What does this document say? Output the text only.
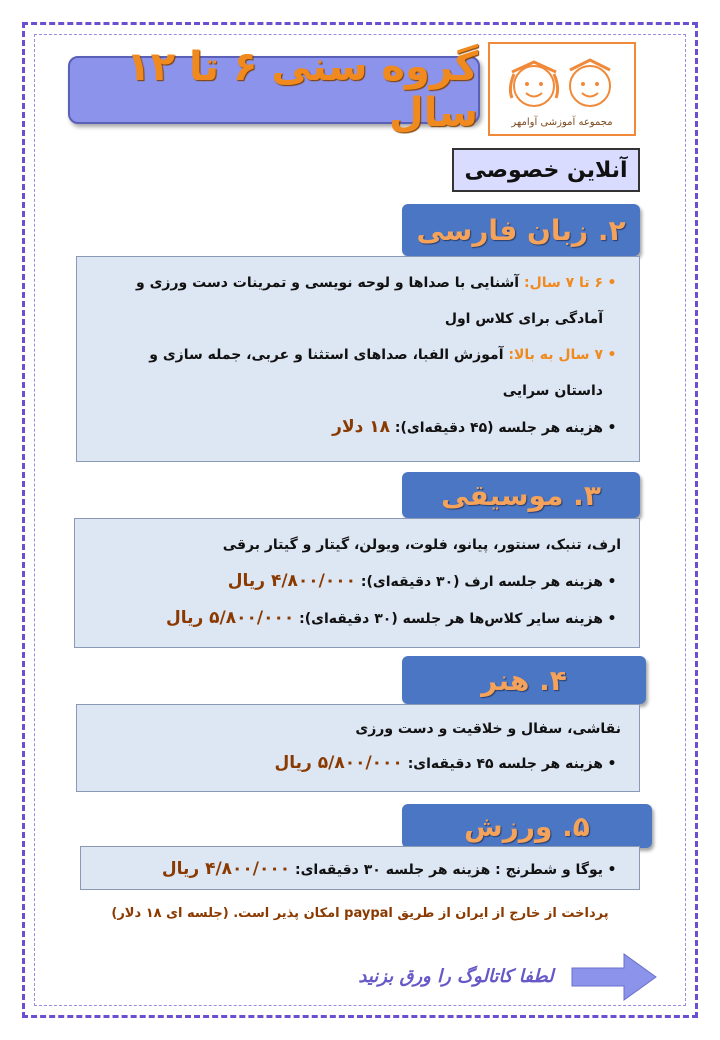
مجموعه آموزشی آوامهر
گروه سنی ۶ تا ۱۲ سال
آنلاین خصوصی
۲. زبان فارسی
•۶ تا ۷ سال: آشنایی با صداها و لوحه نویسی و تمرینات دست ورزی و
آمادگی برای کلاس اول
•۷ سال به بالا: آموزش الفبا، صداهای استثنا و عربی، جمله سازی و
داستان سرایی
•هزینه هر جلسه (۴۵ دقیقه‌ای): ۱۸ دلار
۳. موسیقی
ارف، تنبک، سنتور، پیانو، فلوت، ویولن، گیتار و گیتار برقی
•هزینه هر جلسه ارف (۳۰ دقیقه‌ای): ۴/۸۰۰/۰۰۰ ریال
•هزینه سایر کلاس‌ها هر جلسه (۳۰ دقیقه‌ای): ۵/۸۰۰/۰۰۰ ریال
۴. هنر
نقاشی، سفال و خلاقیت و دست ورزی
•هزینه هر جلسه ۴۵ دقیقه‌ای: ۵/۸۰۰/۰۰۰ ریال
۵. ورزش
•یوگا و شطرنج : هزینه هر جلسه ۳۰ دقیقه‌ای: ۴/۸۰۰/۰۰۰ ریال
پرداخت از خارج از ایران از طریق paypal امکان پذیر است. (جلسه ای ۱۸ دلار)
لطفا کاتالوگ را ورق بزنید
